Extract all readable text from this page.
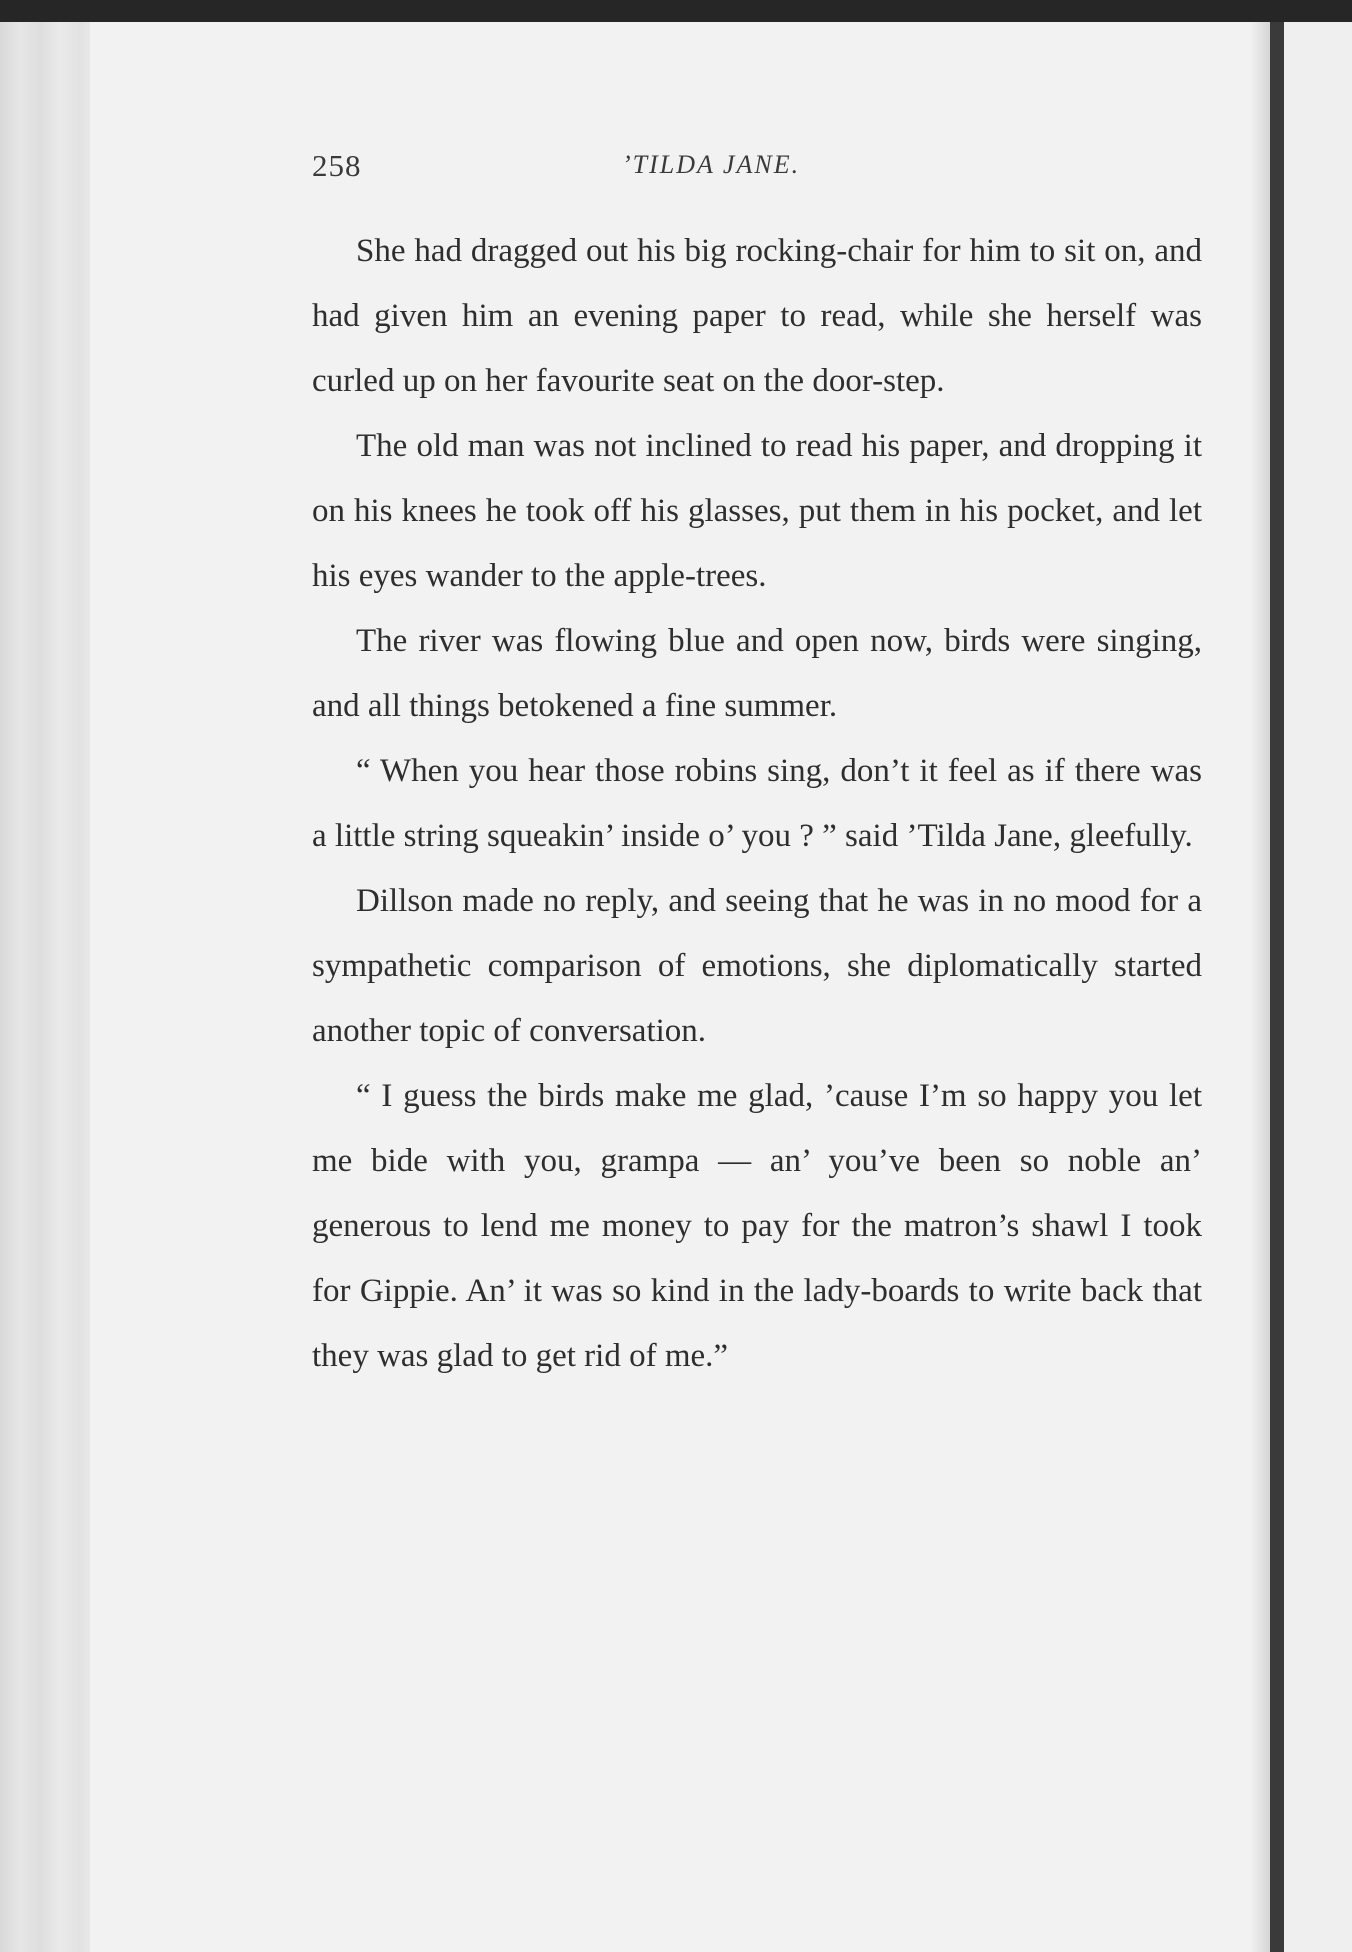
258	’TILDA JANE.

She had dragged out his big rocking-chair for him to sit on, and had given him an evening paper to read, while she herself was curled up on her favourite seat on the door-step.

The old man was not inclined to read his paper, and dropping it on his knees he took off his glasses, put them in his pocket, and let his eyes wander to the apple-trees.

The river was flowing blue and open now, birds were singing, and all things betokened a fine summer.

“ When you hear those robins sing, don’t it feel as if there was a little string squeakin’ inside o’ you ? ” said ’Tilda Jane, gleefully.

Dillson made no reply, and seeing that he was in no mood for a sympathetic comparison of emotions, she diplomatically started another topic of conversation.

“ I guess the birds make me glad, ’cause I’m so happy you let me bide with you, grampa — an’ you’ve been so noble an’ generous to lend me money to pay for the matron’s shawl I took for Gippie. An’ it was so kind in the lady-boards to write back that they was glad to get rid of me.”
